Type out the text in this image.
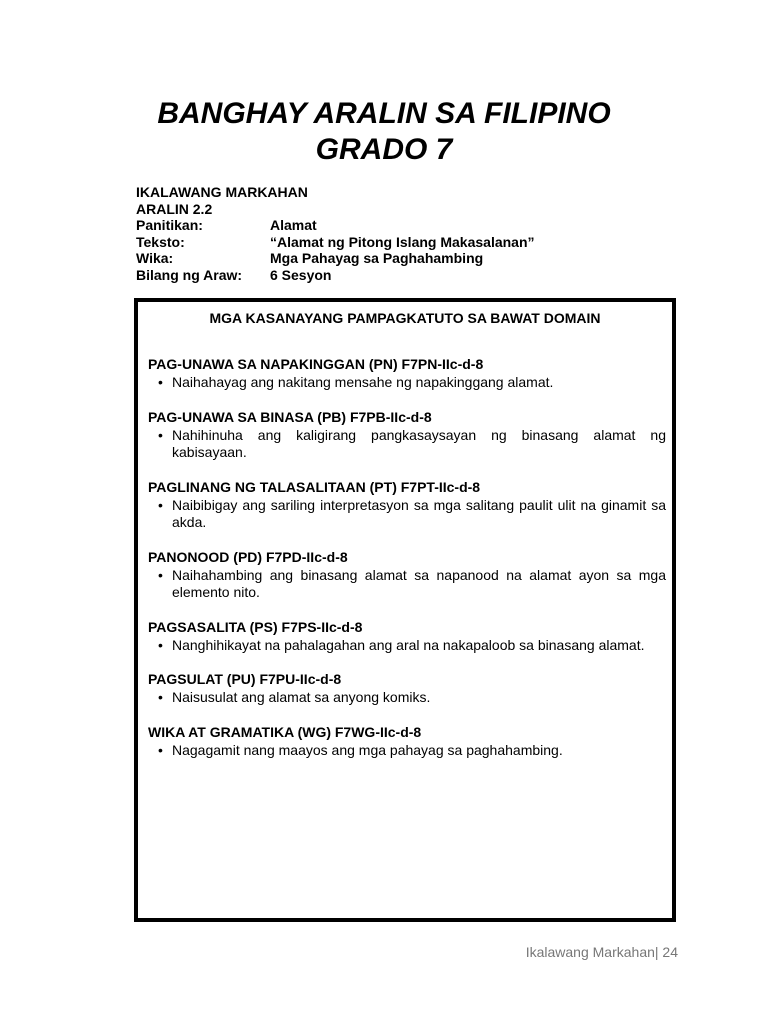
BANGHAY ARALIN SA FILIPINO
GRADO 7
IKALAWANG MARKAHAN
ARALIN 2.2
Panitikan:	Alamat
Teksto:	“Alamat ng Pitong Islang Makasalanan”
Wika:	Mga Pahayag sa Paghahambing
Bilang ng Araw:	6 Sesyon
MGA KASANAYANG PAMPAGKATUTO SA BAWAT DOMAIN
PAG-UNAWA SA NAPAKINGGAN (PN) F7PN-IIc-d-8
• Naihahayag ang nakitang mensahe ng napakinggang alamat.
PAG-UNAWA SA BINASA (PB) F7PB-IIc-d-8
• Nahihinuha ang kaligirang pangkasaysayan ng binasang alamat ng kabisayaan.
PAGLINANG NG TALASALITAAN (PT) F7PT-IIc-d-8
• Naibibigay ang sariling interpretasyon sa mga salitang paulit ulit na ginamit sa akda.
PANONOOD (PD) F7PD-IIc-d-8
• Naihahambing ang binasang alamat sa napanood na alamat ayon sa mga elemento nito.
PAGSASALITA (PS) F7PS-IIc-d-8
• Nanghihikayat na pahalagahan ang aral na nakapaloob sa binasang alamat.
PAGSULAT (PU) F7PU-IIc-d-8
• Naisusulat ang alamat sa anyong komiks.
WIKA AT GRAMATIKA (WG) F7WG-IIc-d-8
• Nagagamit nang maayos ang mga pahayag sa paghahambing.
Ikalawang Markahan| 24
